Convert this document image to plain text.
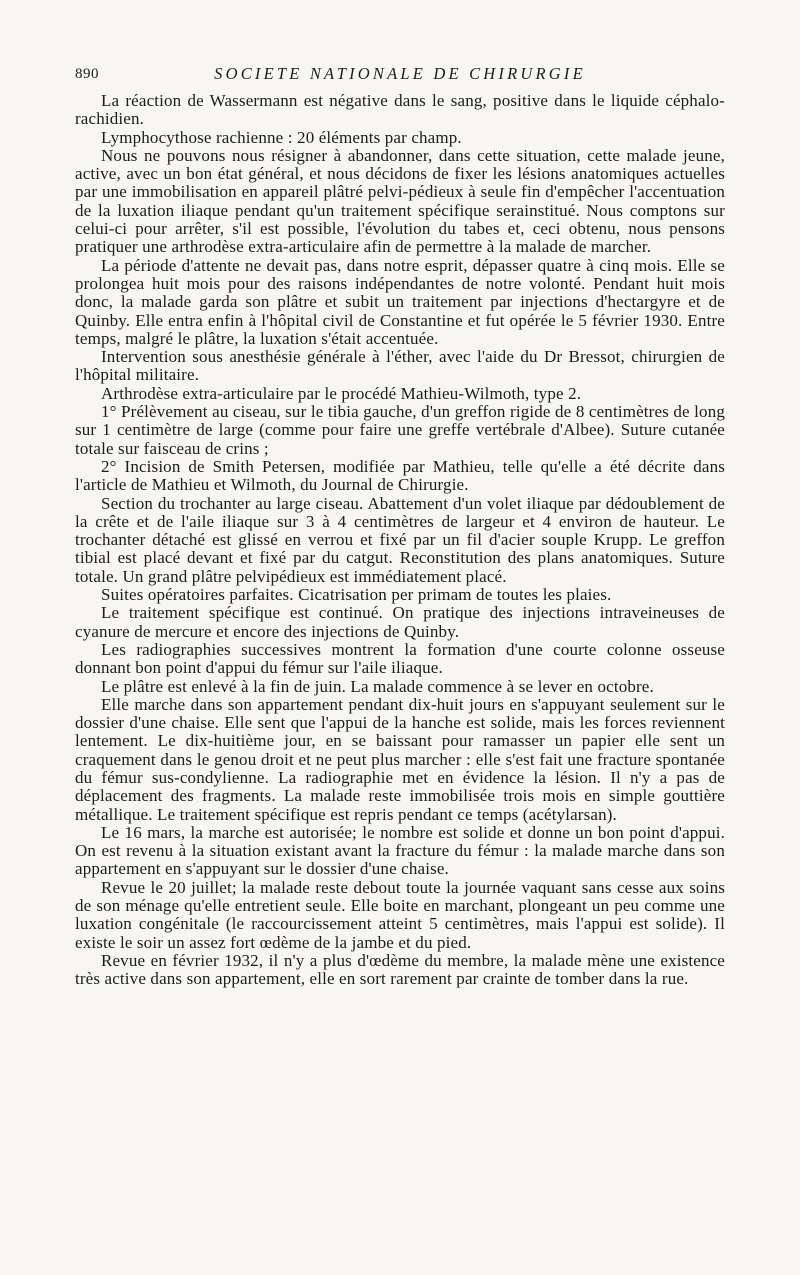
890	SOCIETE NATIONALE DE CHIRURGIE

La réaction de Wassermann est négative dans le sang, positive dans le liquide céphalo-rachidien.

Lymphocythose rachienne : 20 éléments par champ.

Nous ne pouvons nous résigner à abandonner, dans cette situation, cette malade jeune, active, avec un bon état général, et nous décidons de fixer les lésions anatomiques actuelles par une immobilisation en appareil plâtré pelvi-pédieux à seule fin d'empêcher l'accentuation de la luxation iliaque pendant qu'un traitement spécifique serainstitué. Nous comptons sur celui-ci pour arrêter, s'il est possible, l'évolution du tabes et, ceci obtenu, nous pensons pratiquer une arthrodèse extra-articulaire afin de permettre à la malade de marcher.

La période d'attente ne devait pas, dans notre esprit, dépasser quatre à cinq mois. Elle se prolongea huit mois pour des raisons indépendantes de notre volonté. Pendant huit mois donc, la malade garda son plâtre et subit un traitement par injections d'hectargyre et de Quinby. Elle entra enfin à l'hôpital civil de Constantine et fut opérée le 5 février 1930. Entre temps, malgré le plâtre, la luxation s'était accentuée.

Intervention sous anesthésie générale à l'éther, avec l'aide du Dr Bressot, chirurgien de l'hôpital militaire.

Arthrodèse extra-articulaire par le procédé Mathieu-Wilmoth, type 2.

1° Prélèvement au ciseau, sur le tibia gauche, d'un greffon rigide de 8 centimètres de long sur 1 centimètre de large (comme pour faire une greffe vertébrale d'Albee). Suture cutanée totale sur faisceau de crins ;

2° Incision de Smith Petersen, modifiée par Mathieu, telle qu'elle a été décrite dans l'article de Mathieu et Wilmoth, du Journal de Chirurgie.

Section du trochanter au large ciseau. Abattement d'un volet iliaque par dédoublement de la crête et de l'aile iliaque sur 3 à 4 centimètres de largeur et 4 environ de hauteur. Le trochanter détaché est glissé en verrou et fixé par un fil d'acier souple Krupp. Le greffon tibial est placé devant et fixé par du catgut. Reconstitution des plans anatomiques. Suture totale. Un grand plâtre pelvipédieux est immédiatement placé.

Suites opératoires parfaites. Cicatrisation per primam de toutes les plaies.

Le traitement spécifique est continué. On pratique des injections intraveineuses de cyanure de mercure et encore des injections de Quinby.

Les radiographies successives montrent la formation d'une courte colonne osseuse donnant bon point d'appui du fémur sur l'aile iliaque.

Le plâtre est enlevé à la fin de juin. La malade commence à se lever en octobre.

Elle marche dans son appartement pendant dix-huit jours en s'appuyant seulement sur le dossier d'une chaise. Elle sent que l'appui de la hanche est solide, mais les forces reviennent lentement. Le dix-huitième jour, en se baissant pour ramasser un papier elle sent un craquement dans le genou droit et ne peut plus marcher : elle s'est fait une fracture spontanée du fémur sus-condylienne. La radiographie met en évidence la lésion. Il n'y a pas de déplacement des fragments. La malade reste immobilisée trois mois en simple gouttière métallique. Le traitement spécifique est repris pendant ce temps (acétylarsan).

Le 16 mars, la marche est autorisée; le nombre est solide et donne un bon point d'appui. On est revenu à la situation existant avant la fracture du fémur : la malade marche dans son appartement en s'appuyant sur le dossier d'une chaise.

Revue le 20 juillet; la malade reste debout toute la journée vaquant sans cesse aux soins de son ménage qu'elle entretient seule. Elle boite en marchant, plongeant un peu comme une luxation congénitale (le raccourcissement atteint 5 centimètres, mais l'appui est solide). Il existe le soir un assez fort œdème de la jambe et du pied.

Revue en février 1932, il n'y a plus d'œdème du membre, la malade mène une existence très active dans son appartement, elle en sort rarement par crainte de tomber dans la rue.
